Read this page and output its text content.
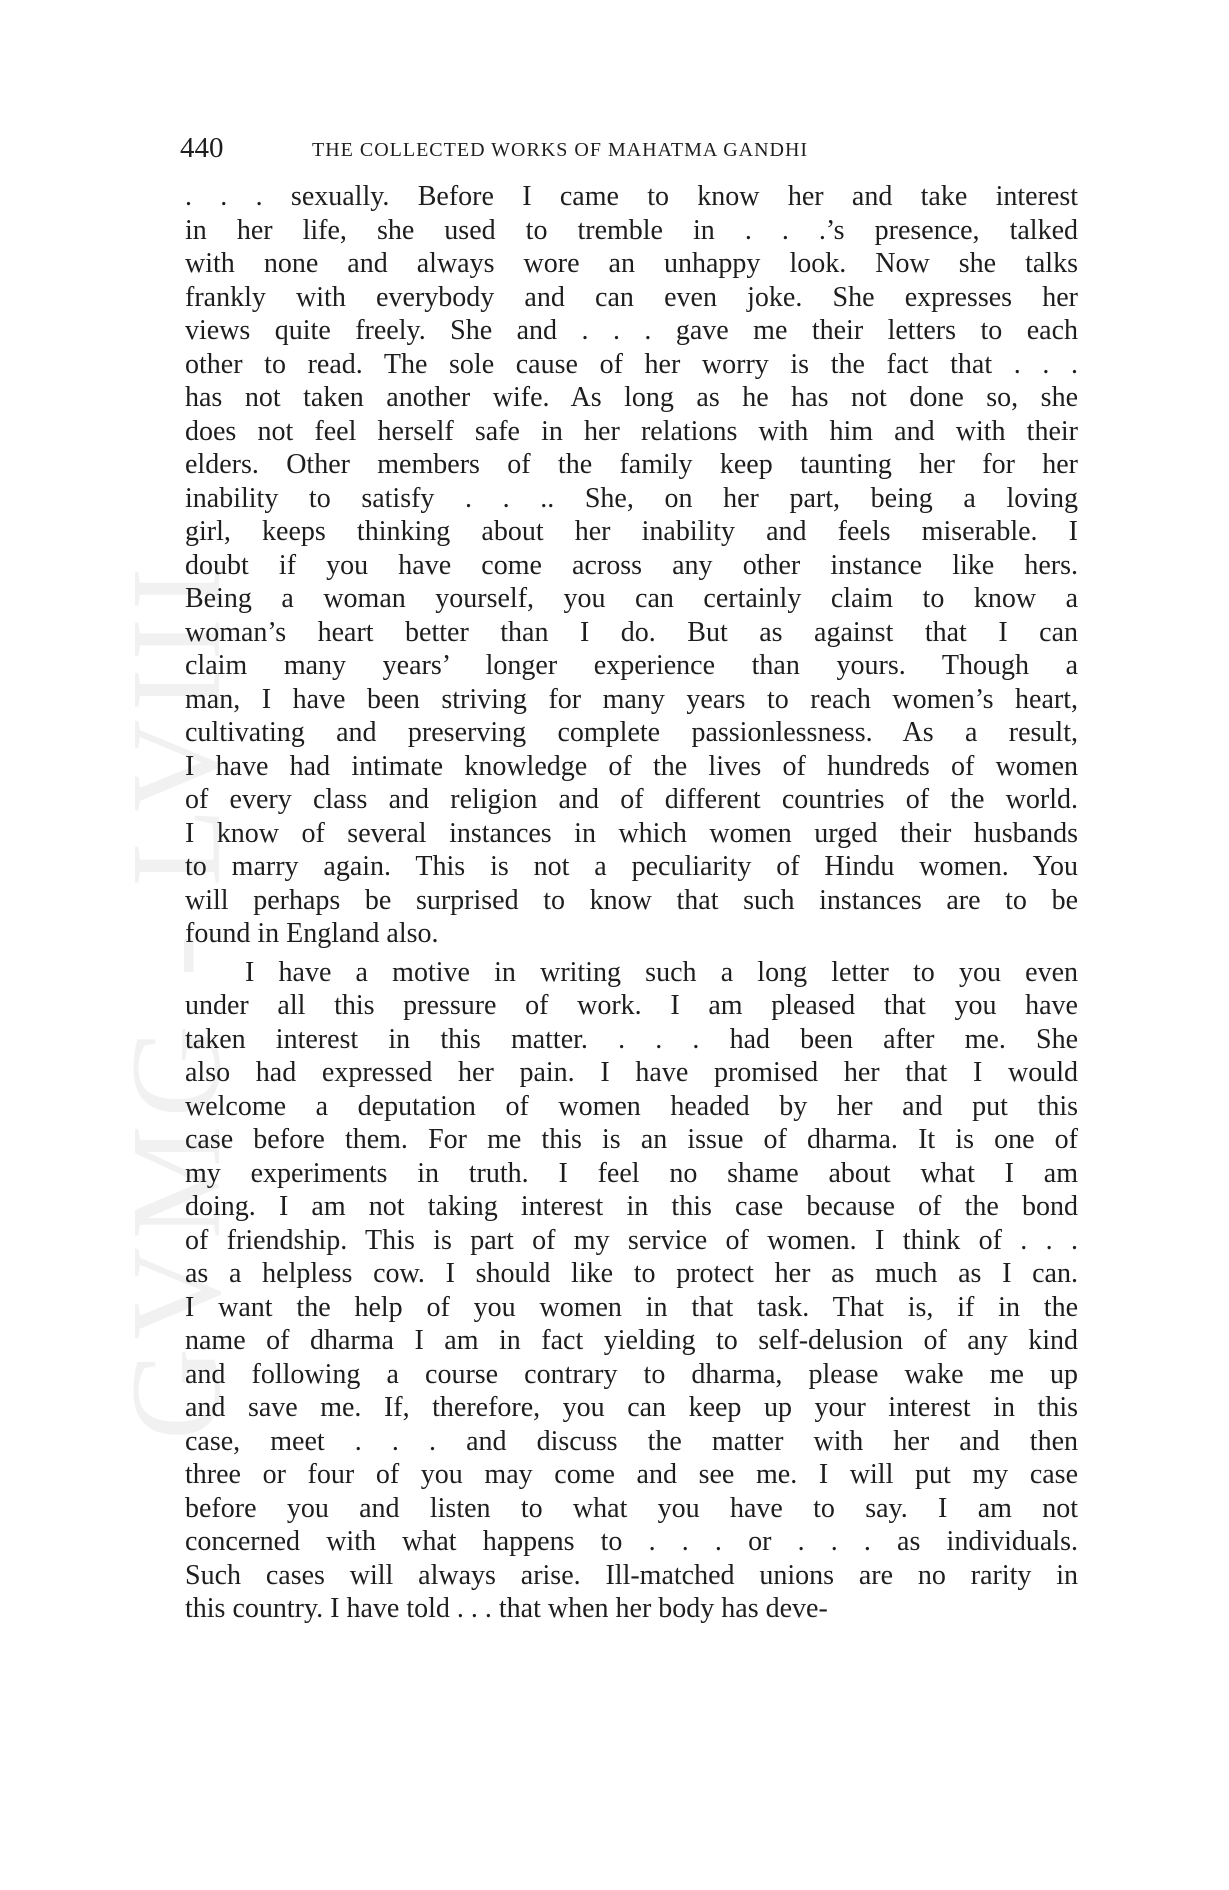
GVMG - LVIII
440	THE COLLECTED WORKS OF MAHATMA GANDHI
. . . sexually. Before I came to know her and take interest
in her life, she used to tremble in . . .’s presence, talked
with none and always wore an unhappy look. Now she talks
frankly with everybody and can even joke. She expresses her
views quite freely. She and . . . gave me their letters to each
other to read. The sole cause of her worry is the fact that . . .
has not taken another wife. As long as he has not done so, she
does not feel herself safe in her relations with him and with their
elders. Other members of the family keep taunting her for her
inability to satisfy . . .. She, on her part, being a loving
girl, keeps thinking about her inability and feels miserable. I
doubt if you have come across any other instance like hers.
Being a woman yourself, you can certainly claim to know a
woman’s heart better than I do. But as against that I can
claim many years’ longer experience than yours. Though a
man, I have been striving for many years to reach women’s heart,
cultivating and preserving complete passionlessness. As a result,
I have had intimate knowledge of the lives of hundreds of women
of every class and religion and of different countries of the world.
I know of several instances in which women urged their husbands
to marry again. This is not a peculiarity of Hindu women. You
will perhaps be surprised to know that such instances are to be
found in England also.
I have a motive in writing such a long letter to you even
under all this pressure of work. I am pleased that you have
taken interest in this matter. . . . had been after me. She
also had expressed her pain. I have promised her that I would
welcome a deputation of women headed by her and put this
case before them. For me this is an issue of dharma. It is one of
my experiments in truth. I feel no shame about what I am
doing. I am not taking interest in this case because of the bond
of friendship. This is part of my service of women. I think of . . .
as a helpless cow. I should like to protect her as much as I can.
I want the help of you women in that task. That is, if in the
name of dharma I am in fact yielding to self-delusion of any kind
and following a course contrary to dharma, please wake me up
and save me. If, therefore, you can keep up your interest in this
case, meet . . . and discuss the matter with her and then
three or four of you may come and see me. I will put my case
before you and listen to what you have to say. I am not
concerned with what happens to . . . or . . . as individuals.
Such cases will always arise. Ill-matched unions are no rarity in
this country. I have told . . . that when her body has deve-
